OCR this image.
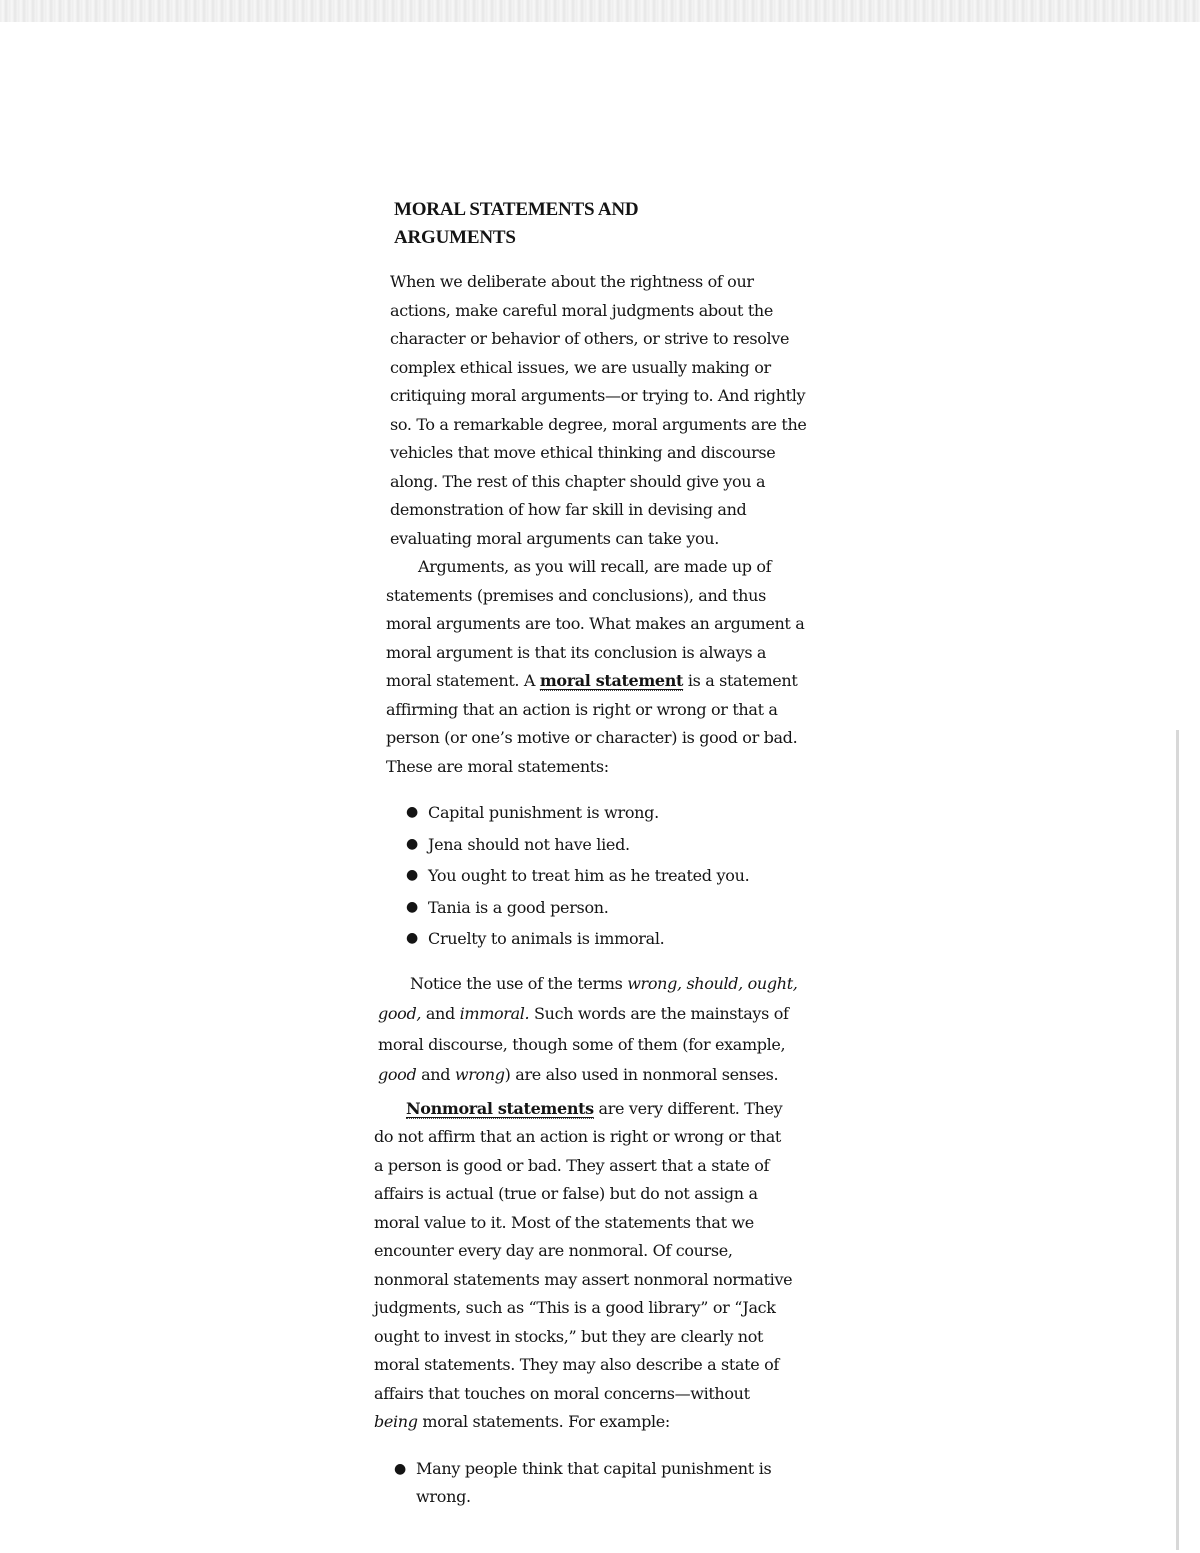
MORAL STATEMENTS AND ARGUMENTS

When we deliberate about the rightness of our actions, make careful moral judgments about the character or behavior of others, or strive to resolve complex ethical issues, we are usually making or critiquing moral arguments—or trying to. And rightly so. To a remarkable degree, moral arguments are the vehicles that move ethical thinking and discourse along. The rest of this chapter should give you a demonstration of how far skill in devising and evaluating moral arguments can take you.

Arguments, as you will recall, are made up of statements (premises and conclusions), and thus moral arguments are too. What makes an argument a moral argument is that its conclusion is always a moral statement. A moral statement is a statement affirming that an action is right or wrong or that a person (or one’s motive or character) is good or bad. These are moral statements:

● Capital punishment is wrong.
● Jena should not have lied.
● You ought to treat him as he treated you.
● Tania is a good person.
● Cruelty to animals is immoral.

Notice the use of the terms wrong, should, ought, good, and immoral. Such words are the mainstays of moral discourse, though some of them (for example, good and wrong) are also used in nonmoral senses.

Nonmoral statements are very different. They do not affirm that an action is right or wrong or that a person is good or bad. They assert that a state of affairs is actual (true or false) but do not assign a moral value to it. Most of the statements that we encounter every day are nonmoral. Of course, nonmoral statements may assert nonmoral normative judgments, such as “This is a good library” or “Jack ought to invest in stocks,” but they are clearly not moral statements. They may also describe a state of affairs that touches on moral concerns—without being moral statements. For example:

● Many people think that capital punishment is wrong.
